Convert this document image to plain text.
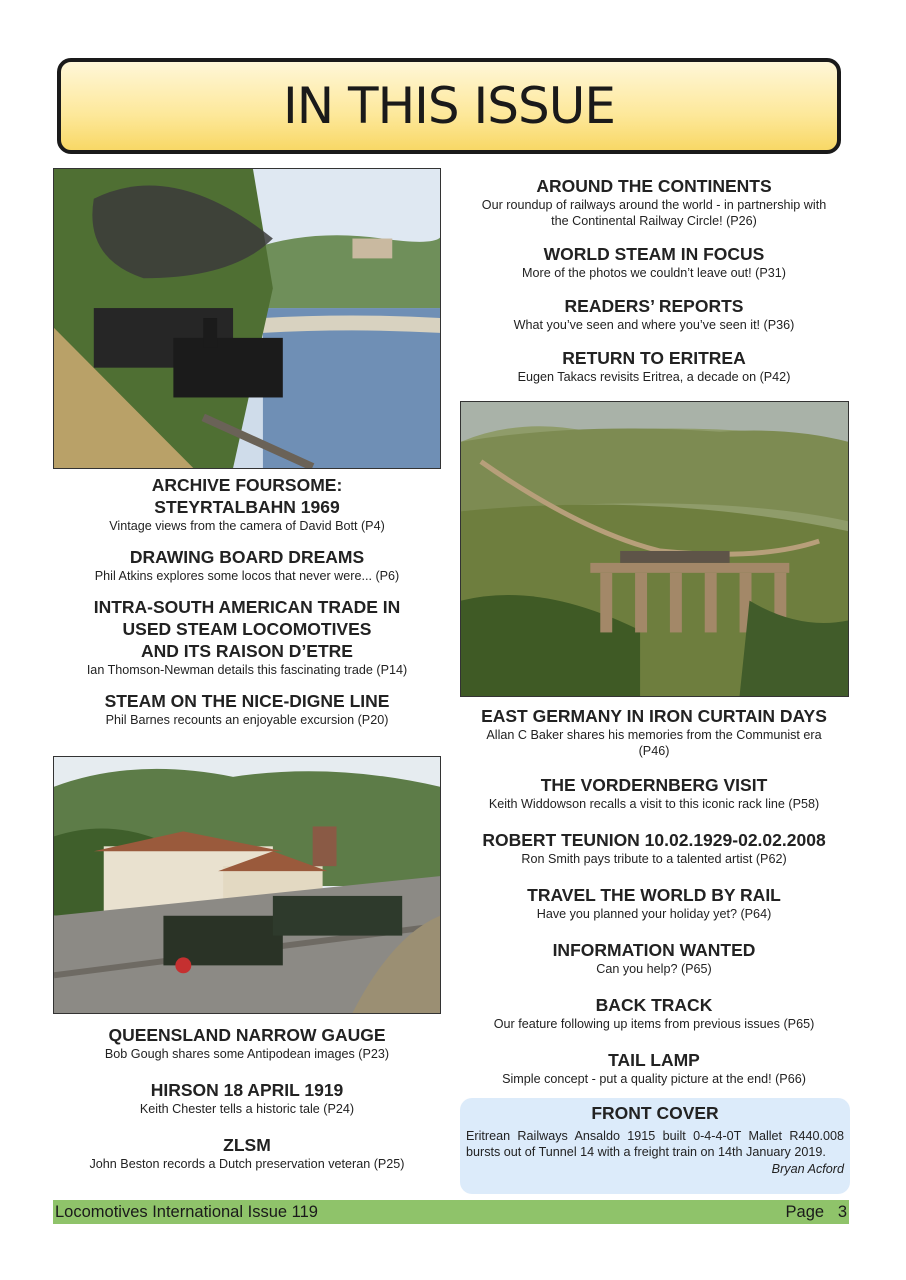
IN THIS ISSUE
ARCHIVE FOURSOME:
STEYRTALBAHN 1969

Vintage views from the camera of David Bott (P4)

DRAWING BOARD DREAMS

Phil Atkins explores some locos that never were... (P6)

INTRA-SOUTH AMERICAN TRADE IN
USED STEAM LOCOMOTIVES
AND ITS RAISON D’ETRE

Ian Thomson-Newman details this fascinating trade (P14)

STEAM ON THE NICE-DIGNE LINE

Phil Barnes recounts an enjoyable excursion (P20)

QUEENSLAND NARROW GAUGE

Bob Gough shares some Antipodean images (P23)

HIRSON 18 APRIL 1919

Keith Chester tells a historic tale (P24)

ZLSM

John Beston records a Dutch preservation veteran (P25)

AROUND THE CONTINENTS

Our roundup of railways around the world - in partnership with
the Continental Railway Circle! (P26)

WORLD STEAM IN FOCUS

More of the photos we couldn’t leave out! (P31)

READERS’ REPORTS

What you’ve seen and where you’ve seen it! (P36)

RETURN TO ERITREA

Eugen Takacs revisits Eritrea, a decade on (P42)

EAST GERMANY IN IRON CURTAIN DAYS

Allan C Baker shares his memories from the Communist era
(P46)

THE VORDERNBERG VISIT

Keith Widdowson recalls a visit to this iconic rack line (P58)

ROBERT TEUNION 10.02.1929-02.02.2008

Ron Smith pays tribute to a talented artist (P62)

TRAVEL THE WORLD BY RAIL

Have you planned your holiday yet? (P64)

INFORMATION WANTED

Can you help? (P65)

BACK TRACK

Our feature following up items from previous issues (P65)

TAIL LAMP

Simple concept - put a quality picture at the end! (P66)

FRONT COVER

Eritrean Railways Ansaldo 1915 built 0-4-4-0T Mallet R440.008 bursts out of Tunnel 14 with a freight train on 14th January 2019.

Bryan Acford

Locomotives International Issue 119	Page   3
